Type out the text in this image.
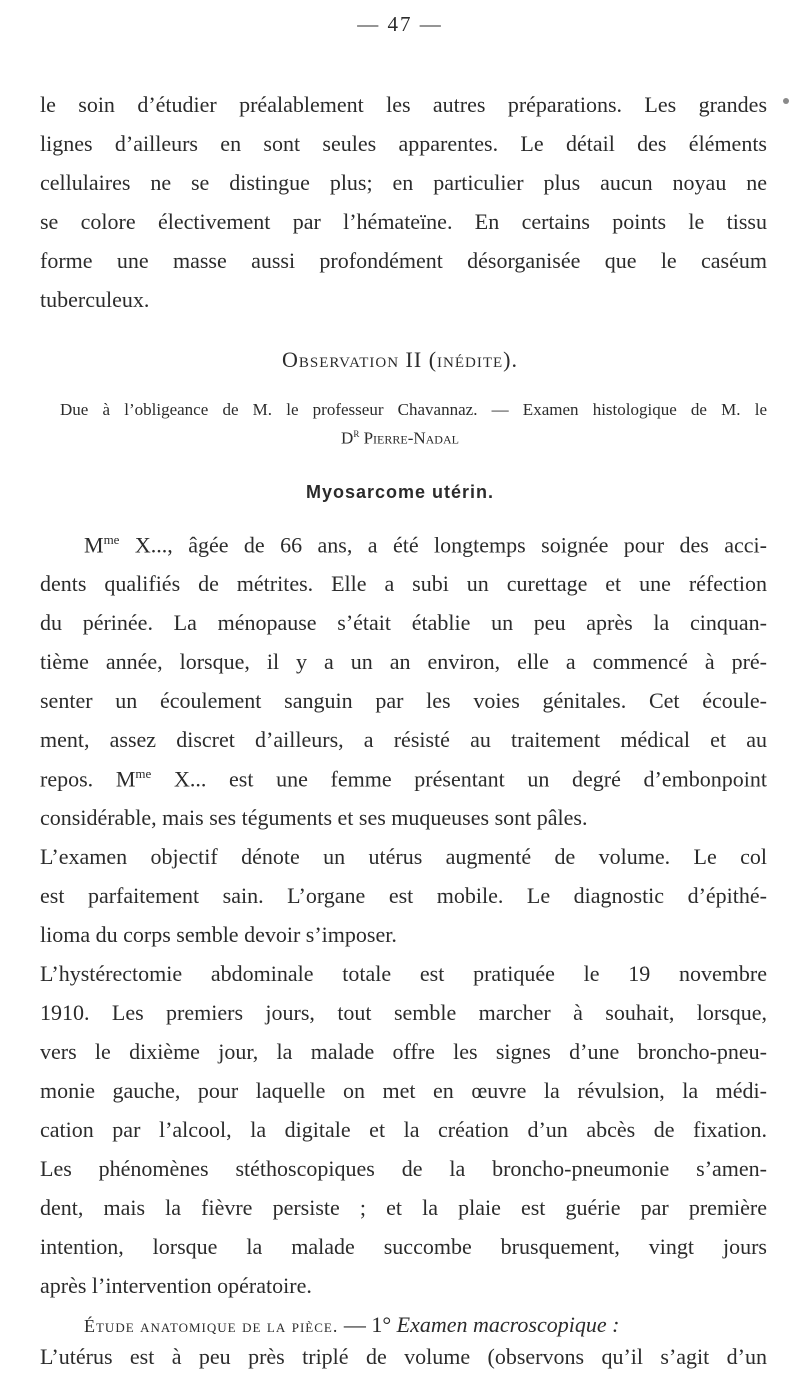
— 47 —
le soin d’étudier préalablement les autres préparations. Les grandes
lignes d’ailleurs en sont seules apparentes. Le détail des éléments
cellulaires ne se distingue plus; en particulier plus aucun noyau ne
se colore électivement par l’hémateïne. En certains points le tissu
forme une masse aussi profondément désorganisée que le caséum
tuberculeux.
Observation II (inédite).
Due à l’obligeance de M. le professeur Chavannaz. — Examen histologique de M. le
$D^r$ Pierre-Nadal
Myosarcome utérin.
$M^{me}$ X..., âgée de 66 ans, a été longtemps soignée pour des acci-
dents qualifiés de métrites. Elle a subi un curettage et une réfection
du périnée. La ménopause s’était établie un peu après la cinquan-
tième année, lorsque, il y a un an environ, elle a commencé à pré-
senter un écoulement sanguin par les voies génitales. Cet écoule-
ment, assez discret d’ailleurs, a résisté au traitement médical et au
repos. $M^{me}$ X... est une femme présentant un degré d’embonpoint
considérable, mais ses téguments et ses muqueuses sont pâles.
L’examen objectif dénote un utérus augmenté de volume. Le col
est parfaitement sain. L’organe est mobile. Le diagnostic d’épithé-
lioma du corps semble devoir s’imposer.
L’hystérectomie abdominale totale est pratiquée le 19 novembre
1910. Les premiers jours, tout semble marcher à souhait, lorsque,
vers le dixième jour, la malade offre les signes d’une broncho-pneu-
monie gauche, pour laquelle on met en œuvre la révulsion, la médi-
cation par l’alcool, la digitale et la création d’un abcès de fixation.
Les phénomènes stéthoscopiques de la broncho-pneumonie s’amen-
dent, mais la fièvre persiste ; et la plaie est guérie par première
intention, lorsque la malade succombe brusquement, vingt jours
après l’intervention opératoire.
Étude anatomique de la pièce. — 1° Examen macroscopique :
L’utérus est à peu près triplé de volume (observons qu’il s’agit d’un
